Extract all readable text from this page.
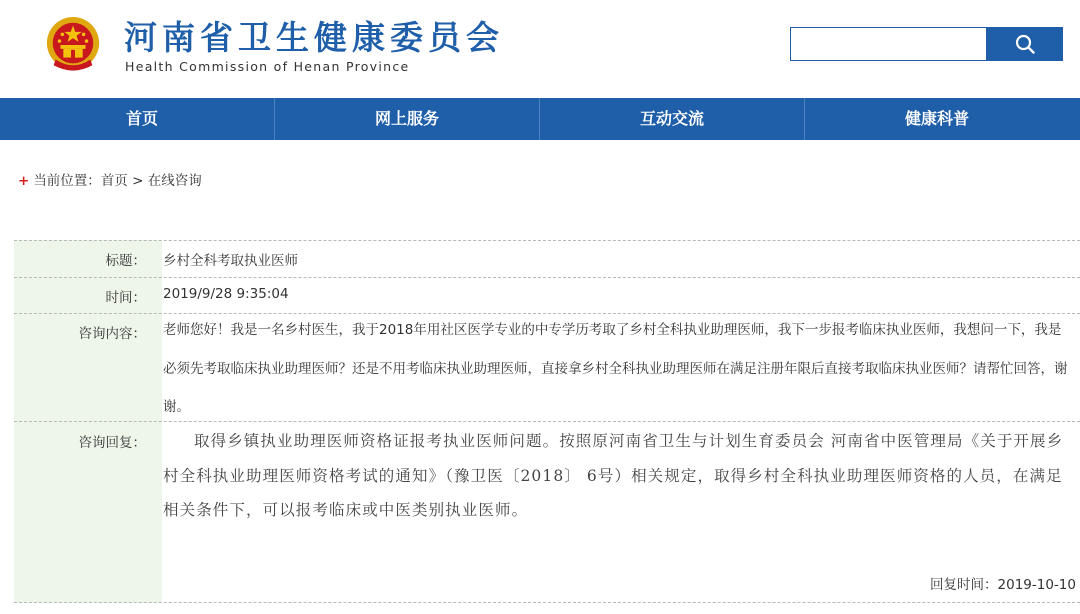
河南省卫生健康委员会
Health Commission of Henan Province
首页	网上服务	互动交流	健康科普
+ 当前位置：首页 > 在线咨询
标题： 乡村全科考取执业医师
时间： 2019/9/28 9:35:04
咨询内容： 老师您好！我是一名乡村医生，我于2018年用社区医学专业的中专学历考取了乡村全科执业助理医师，我下一步报考临床执业医师，我想问一下，我是必须先考取临床执业助理医师？还是不用考临床执业助理医师，直接拿乡村全科执业助理医师在满足注册年限后直接考取临床执业医师？请帮忙回答，谢谢。
咨询回复：	取得乡镇执业助理医师资格证报考执业医师问题。按照原河南省卫生与计划生育委员会 河南省中医管理局《关于开展乡村全科执业助理医师资格考试的通知》（豫卫医〔2018〕 6号）相关规定，取得乡村全科执业助理医师资格的人员，在满足相关条件下，可以报考临床或中医类别执业医师。
回复时间：2019-10-10
